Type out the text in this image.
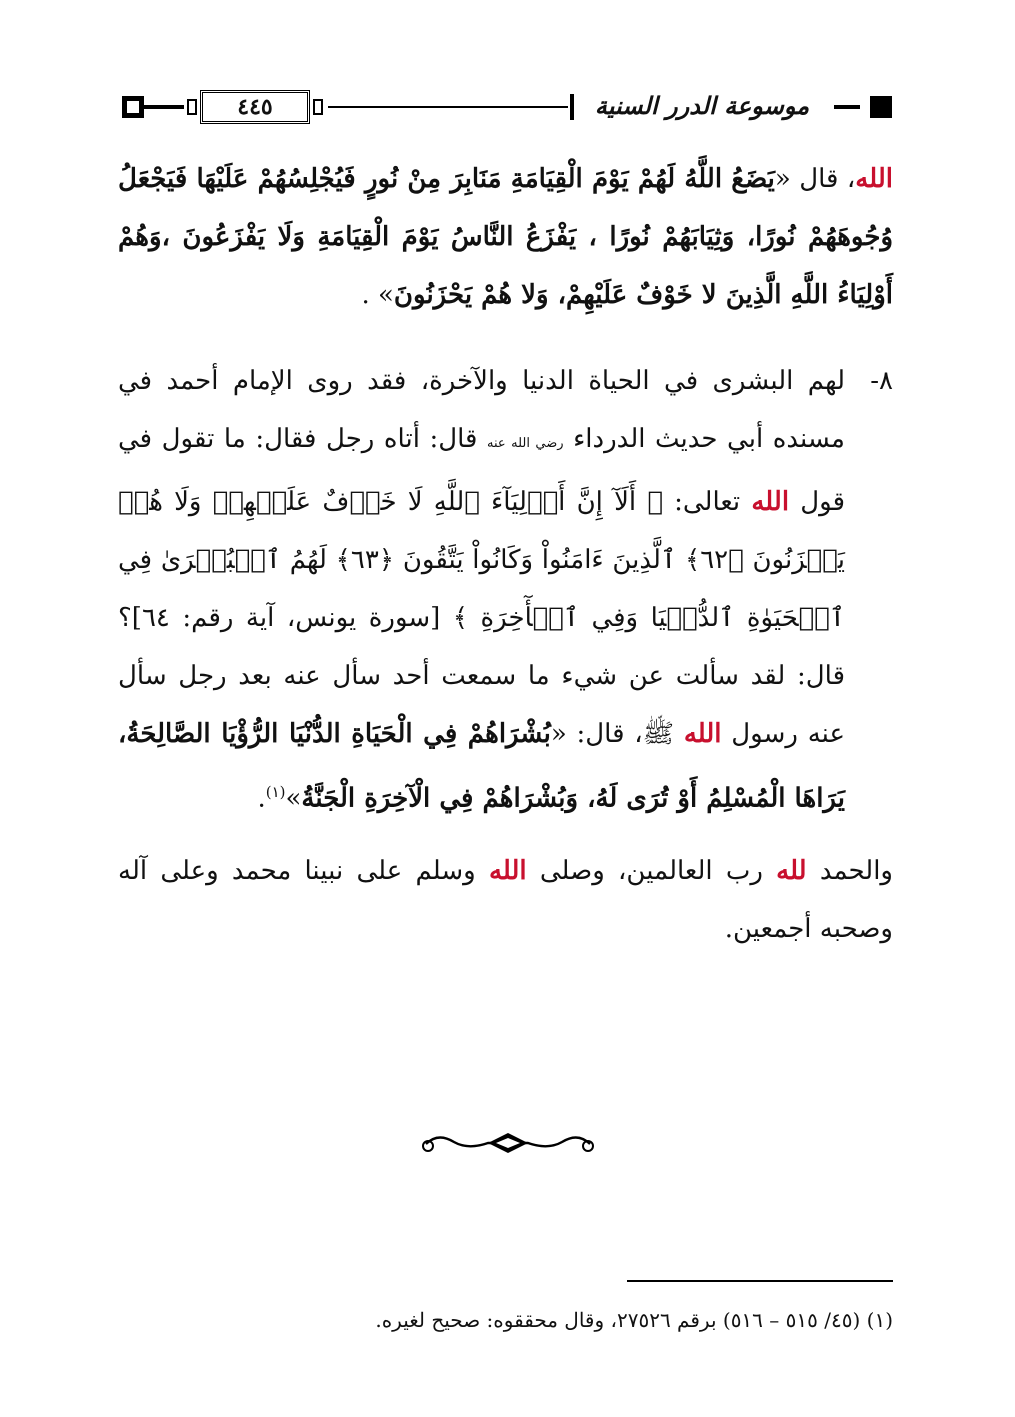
٤٤٥	موسوعة الدرر السنية

الله، قال «يَضَعُ اللَّهُ لَهُمْ يَوْمَ الْقِيَامَةِ مَنَابِرَ مِنْ نُورٍ فَيُجْلِسُهُمْ عَلَيْهَا فَيَجْعَلُ وُجُوهَهُمْ نُورًا، وَثِيَابَهُمْ نُورًا ، يَفْزَعُ النَّاسُ يَوْمَ الْقِيَامَةِ وَلَا يَفْزَعُونَ ،وَهُمْ أَوْلِيَاءُ اللَّهِ الَّذِينَ لا خَوْفٌ عَلَيْهِمْ، وَلا هُمْ يَحْزَنُونَ» .

٨-
لهم البشرى في الحياة الدنيا والآخرة، فقد روى الإمام أحمد في مسنده أبي حديث الدرداء رضي الله عنه قال: أتاه رجل فقال: ما تقول في قول الله تعالى: ﴿ أَلَآ إِنَّ أَوۡلِيَآءَ ٱللَّهِ لَا خَوۡفٌ عَلَيۡهِمۡ وَلَا هُمۡ يَحۡزَنُونَ ﴿٦٢﴾ ٱلَّذِينَ ءَامَنُواْ وَكَانُواْ يَتَّقُونَ ﴿٦٣﴾ لَهُمُ ٱلۡبُشۡرَىٰ فِي ٱلۡحَيَوٰةِ ٱلدُّنۡيَا وَفِي ٱلۡأٓخِرَةِ ﴾ [سورة يونس، آية رقم: ٦٤]؟ قال: لقد سألت عن شيء ما سمعت أحد سأل عنه بعد رجل سأل عنه رسول الله ﷺ، قال: «بُشْرَاهُمْ فِي الْحَيَاةِ الدُّنْيَا الرُّؤْيَا الصَّالِحَةُ، يَرَاهَا الْمُسْلِمُ أَوْ تُرَى لَهُ، وَبُشْرَاهُمْ فِي الْآخِرَةِ الْجَنَّةُ»$^{(١)}$.

والحمد لله رب العالمين، وصلى الله وسلم على نبينا محمد وعلى آله وصحبه أجمعين.

(١) (٤٥/ ٥١٥ – ٥١٦) برقم ٢٧٥٢٦، وقال محققوه: صحيح لغيره.
